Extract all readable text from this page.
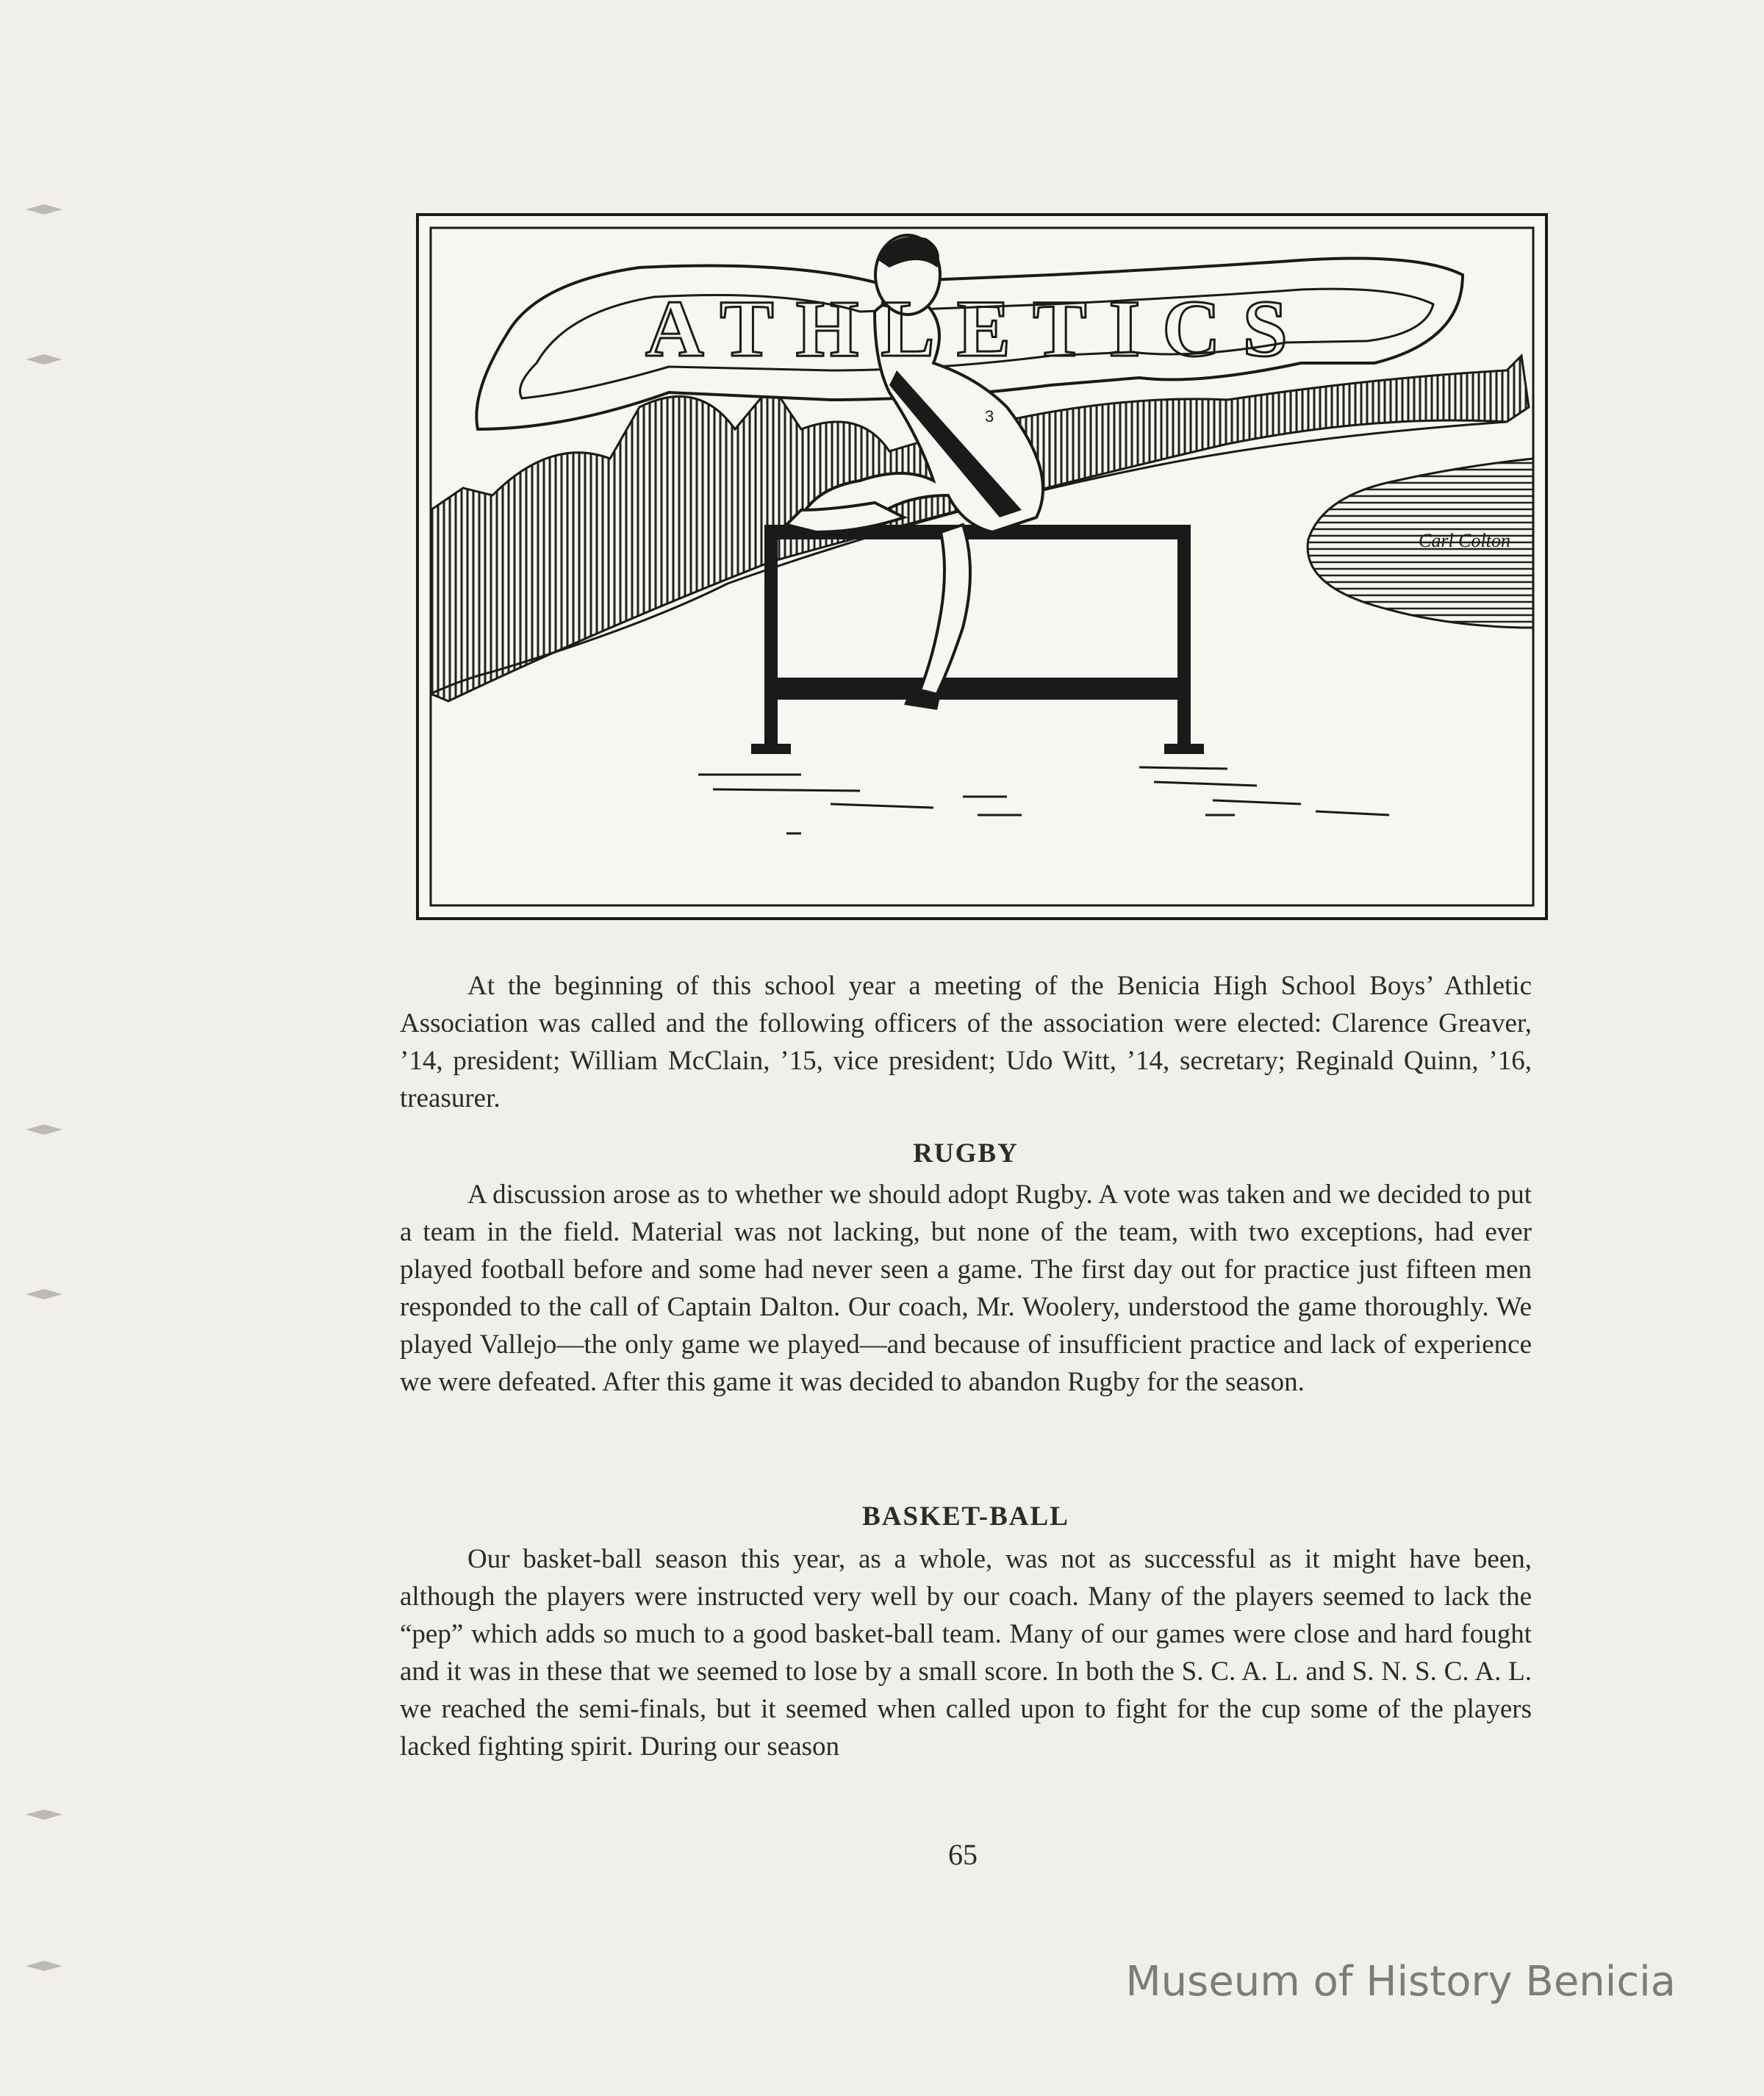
3
Carl Colton
ATHLETICS

At the beginning of this school year a meeting of the Benicia High School Boys’ Athletic Association was called and the following officers of the association were elected: Clarence Greaver, ’14, president; William McClain, ’15, vice president; Udo Witt, ’14, secretary; Reginald Quinn, ’16, treasurer.

RUGBY

A discussion arose as to whether we should adopt Rugby. A vote was taken and we decided to put a team in the field. Material was not lacking, but none of the team, with two exceptions, had ever played football before and some had never seen a game. The first day out for practice just fifteen men responded to the call of Captain Dalton. Our coach, Mr. Woolery, understood the game thoroughly. We played Vallejo—the only game we played—and because of insufficient practice and lack of experience we were defeated. After this game it was decided to abandon Rugby for the season.

BASKET-BALL

Our basket-ball season this year, as a whole, was not as successful as it might have been, although the players were instructed very well by our coach. Many of the players seemed to lack the “pep” which adds so much to a good basket-ball team. Many of our games were close and hard fought and it was in these that we seemed to lose by a small score. In both the S. C. A. L. and S. N. S. C. A. L. we reached the semi-finals, but it seemed when called upon to fight for the cup some of the players lacked fighting spirit. During our season

65

Museum of History Benicia
